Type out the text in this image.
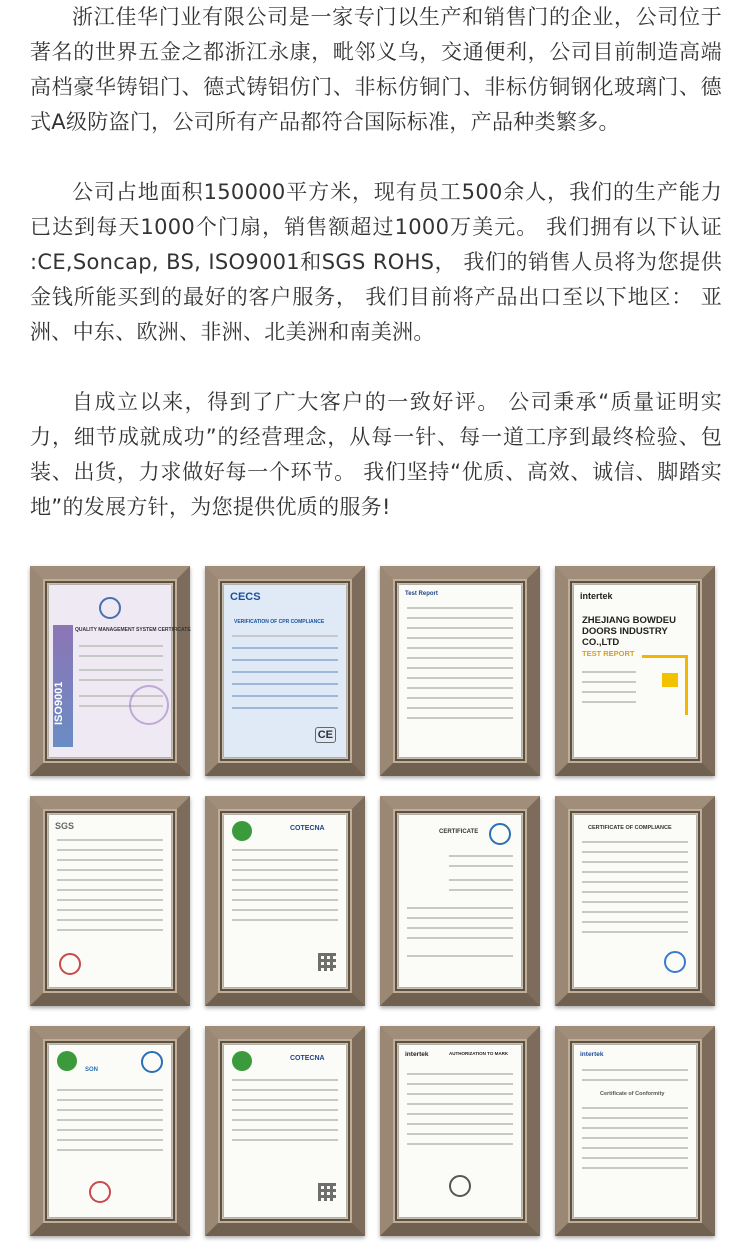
浙江佳华门业有限公司是一家专门以生产和销售门的企业，公司位于著名的世界五金之都浙江永康，毗邻义乌，交通便利，公司目前制造高端高档豪华铸铝门、德式铸铝仿门、非标仿铜门、非标仿铜钢化玻璃门、德式A级防盗门，公司所有产品都符合国际标准，产品种类繁多。

公司占地面积150000平方米，现有员工500余人，我们的生产能力已达到每天1000个门扇，销售额超过1000万美元。 我们拥有以下认证 :CE,Soncap, BS, ISO9001和SGS ROHS， 我们的销售人员将为您提供金钱所能买到的最好的客户服务， 我们目前将产品出口至以下地区： 亚洲、中东、欧洲、非洲、北美洲和南美洲。

自成立以来，得到了广大客户的一致好评。 公司秉承“质量证明实力，细节成就成功”的经营理念，从每一针、每一道工序到最终检验、包装、出货，力求做好每一个环节。 我们坚持“优质、高效、诚信、脚踏实地”的发展方针，为您提供优质的服务!

QUALITY MANAGEMENT SYSTEM CERTIFICATE
ISO9001
CECS
VERIFICATION OF CPR COMPLIANCE
CE
Test Report	intertek
ZHEJIANG BOWDEU DOORS INDUSTRY CO.,LTD
TEST REPORT
SGS	COTECNA	CERTIFICATE
CERTIFICATE OF COMPLIANCE
SON
COTECNA
intertek	AUTHORIZATION TO MARK	intertek
Certificate of Conformity
